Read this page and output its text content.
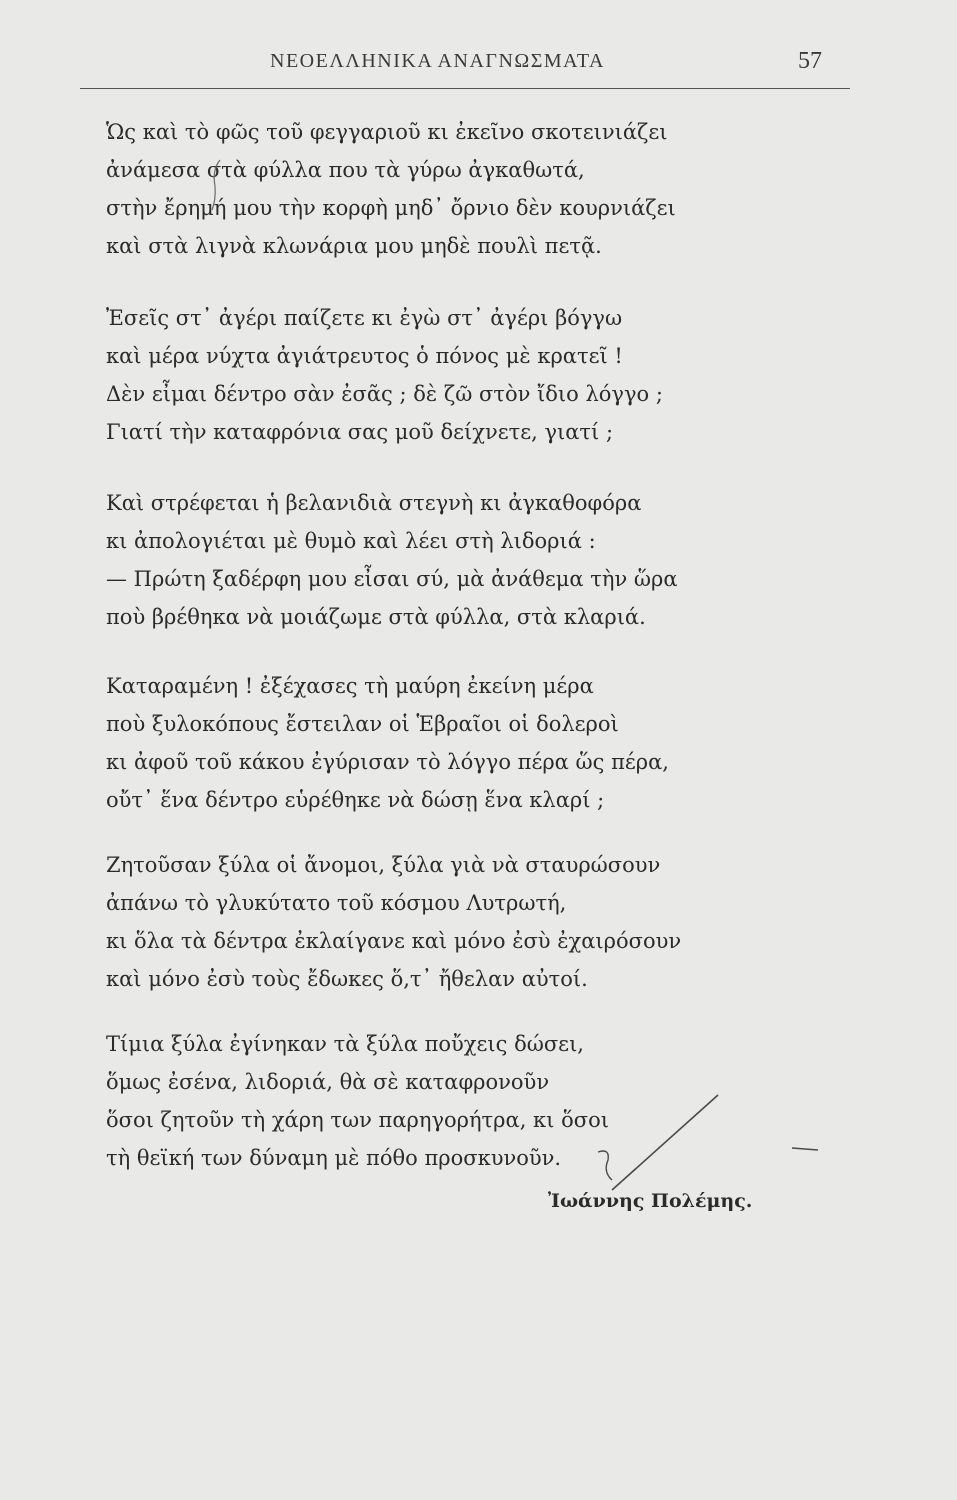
ΝΕΟΕΛΛΗΝΙΚΑ ΑΝΑΓΝΩΣΜΑΤΑ	57
Ὡς καὶ τὸ φῶς τοῦ φεγγαριοῦ κι ἐκεῖνο σκοτεινιάζει
ἀνάμεσα στὰ φύλλα που τὰ γύρω ἀγκαθωτά,
στὴν ἔρημή μου τὴν κορφὴ μηδ᾽ ὄρνιο δὲν κουρνιάζει
καὶ στὰ λιγνὰ κλωνάρια μου μηδὲ πουλὶ πετᾷ.
Ἐσεῖς στ᾽ ἀγέρι παίζετε κι ἐγὼ στ᾽ ἀγέρι βόγγω
καὶ μέρα νύχτα ἀγιάτρευτος ὁ πόνος μὲ κρατεῖ !
Δὲν εἶμαι δέντρο σὰν ἐσᾶς ; δὲ ζῶ στὸν ἴδιο λόγγο ;
Γιατί τὴν καταφρόνια σας μοῦ δείχνετε, γιατί ;
Καὶ στρέφεται ἡ βελανιδιὰ στεγνὴ κι ἀγκαθοφόρα
κι ἀπολογιέται μὲ θυμὸ καὶ λέει στὴ λιδοριά :
— Πρώτη ξαδέρφη μου εἶσαι σύ, μὰ ἀνάθεμα τὴν ὥρα
ποὺ βρέθηκα νὰ μοιάζωμε στὰ φύλλα, στὰ κλαριά.
Καταραμένη ! ἐξέχασες τὴ μαύρη ἐκείνη μέρα
ποὺ ξυλοκόπους ἔστειλαν οἱ Ἑβραῖοι οἱ δολεροὶ
κι ἀφοῦ τοῦ κάκου ἐγύρισαν τὸ λόγγο πέρα ὥς πέρα,
οὔτ᾽ ἕνα δέντρο εὑρέθηκε νὰ δώσῃ ἕνα κλαρί ;
Ζητοῦσαν ξύλα οἱ ἄνομοι, ξύλα γιὰ νὰ σταυρώσουν
ἀπάνω τὸ γλυκύτατο τοῦ κόσμου Λυτρωτή,
κι ὅλα τὰ δέντρα ἐκλαίγανε καὶ μόνο ἐσὺ ἐχαιρόσουν
καὶ μόνο ἐσὺ τοὺς ἔδωκες ὅ,τ᾽ ἤθελαν αὐτοί.
Τίμια ξύλα ἐγίνηκαν τὰ ξύλα ποὔχεις δώσει,
ὅμως ἐσένα, λιδοριά, θὰ σὲ καταφρονοῦν
ὅσοι ζητοῦν τὴ χάρη των παρηγορήτρα, κι ὅσοι
τὴ θεϊκή των δύναμη μὲ πόθο προσκυνοῦν.
Ἰωάννης Πολέμης.
